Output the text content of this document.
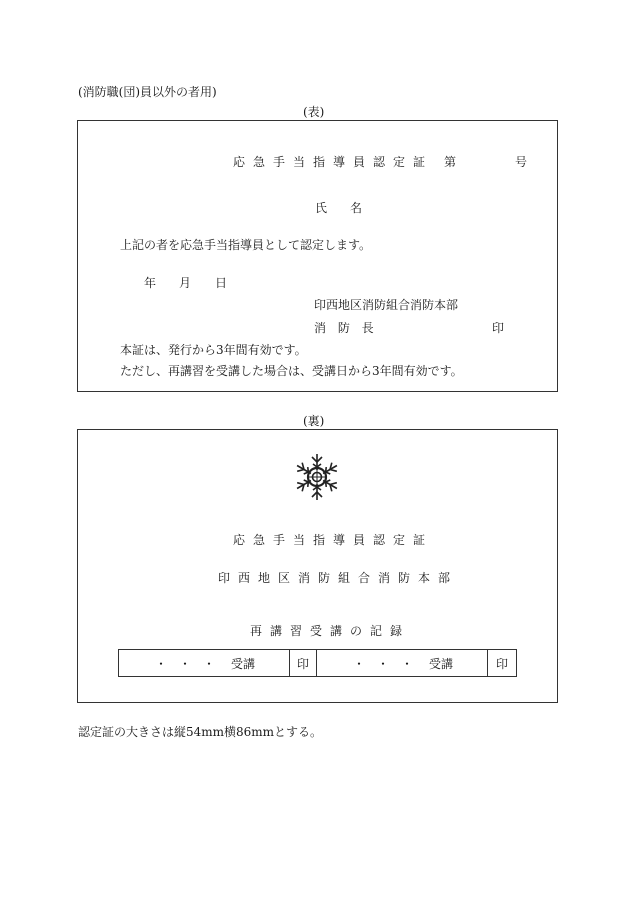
(消防職(団)員以外の者用)
(表)
応急手当指導員認定証 第	号
氏 名
上記の者を応急手当指導員として認定します。
年 月 日
印西地区消防組合消防本部
消 防 長	印
本証は、発行から3年間有効です。
ただし、再講習を受講した場合は、受講日から3年間有効です。
(裏)
応急手当指導員認定証
印西地区消防組合消防本部
再講習受講の記録
・ ・ ・ 受講	印	・ ・ ・ 受講	印
認定証の大きさは縦54mm横86mmとする。
